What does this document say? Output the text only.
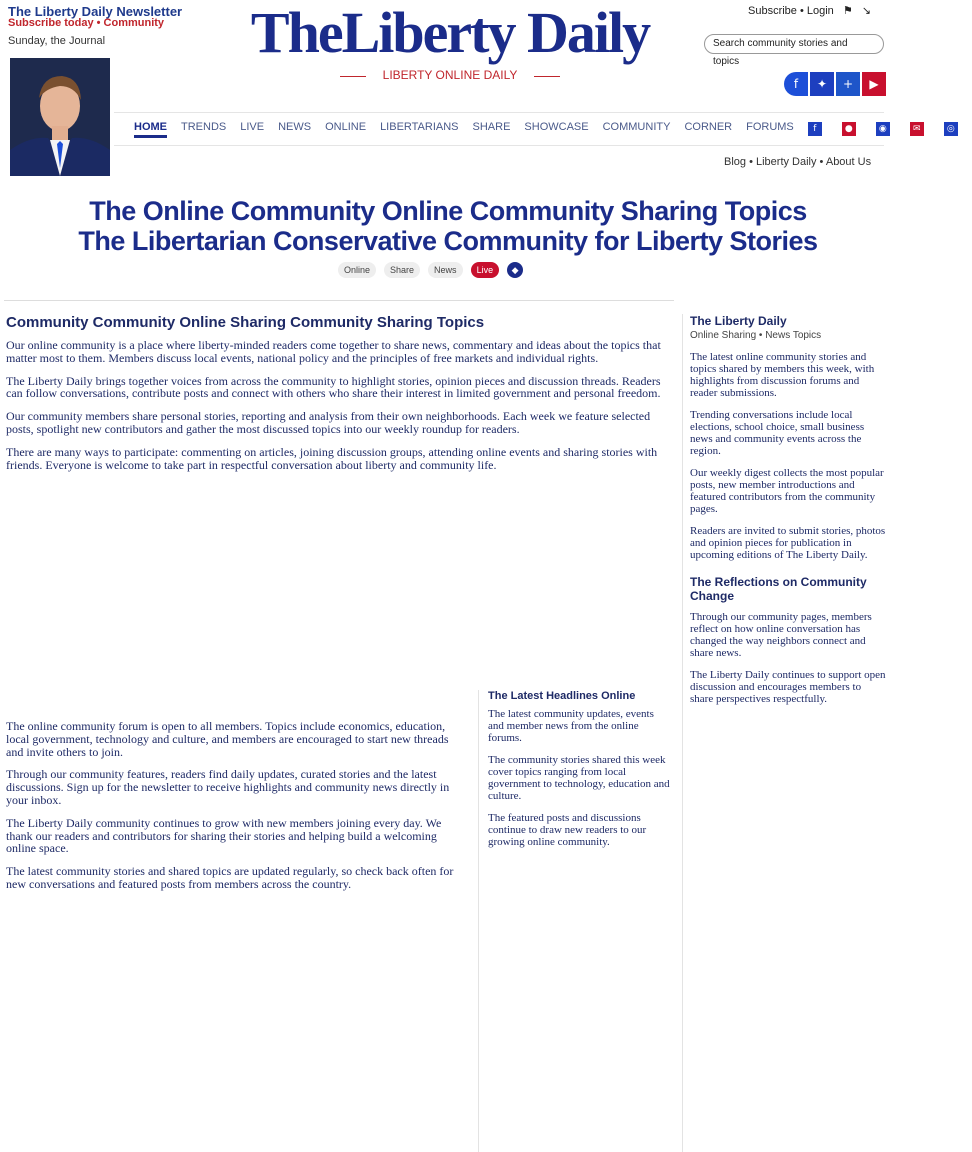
The Liberty Daily Newsletter
Subscribe today • Community
Sunday, the Journal	TheLiberty Daily
LIBERTY ONLINE DAILY
Subscribe • Login ⚑ ↘
Search community stories and topics
f	✦	+	▶
HOME TRENDS LIVE NEWS ONLINE LIBERTARIANS SHARE SHOWCASE COMMUNITY CORNER FORUMS	f	●	◉	✉	◎
Blog • Liberty Daily • About Us
The Online Community Online Community Sharing Topics
The Libertarian Conservative Community for Liberty Stories
Online	Share	News	Live	◆
Community Community Online Sharing Community Sharing Topics

Our online community is a place where liberty-minded readers come together to share news, commentary and ideas about the topics that matter most to them. Members discuss local events, national policy and the principles of free markets and individual rights.

The Liberty Daily brings together voices from across the community to highlight stories, opinion pieces and discussion threads. Readers can follow conversations, contribute posts and connect with others who share their interest in limited government and personal freedom.

Our community members share personal stories, reporting and analysis from their own neighborhoods. Each week we feature selected posts, spotlight new contributors and gather the most discussed topics into our weekly roundup for readers.

There are many ways to participate: commenting on articles, joining discussion groups, attending online events and sharing stories with friends. Everyone is welcome to take part in respectful conversation about liberty and community life.

The online community forum is open to all members. Topics include economics, education, local government, technology and culture, and members are encouraged to start new threads and invite others to join.

Through our community features, readers find daily updates, curated stories and the latest discussions. Sign up for the newsletter to receive highlights and community news directly in your inbox.

The Liberty Daily community continues to grow with new members joining every day. We thank our readers and contributors for sharing their stories and helping build a welcoming online space.

The latest community stories and shared topics are updated regularly, so check back often for new conversations and featured posts from members across the country.

The Latest Headlines Online

The latest community updates, events and member news from the online forums.

The community stories shared this week cover topics ranging from local government to technology, education and culture.

The featured posts and discussions continue to draw new readers to our growing online community.

The Liberty Daily
Online Sharing • News Topics

The latest online community stories and topics shared by members this week, with highlights from discussion forums and reader submissions.

Trending conversations include local elections, school choice, small business news and community events across the region.

Our weekly digest collects the most popular posts, new member introductions and featured contributors from the community pages.

Readers are invited to submit stories, photos and opinion pieces for publication in upcoming editions of The Liberty Daily.

The Reflections on Community Change

Through our community pages, members reflect on how online conversation has changed the way neighbors connect and share news.

The Liberty Daily continues to support open discussion and encourages members to share perspectives respectfully.
